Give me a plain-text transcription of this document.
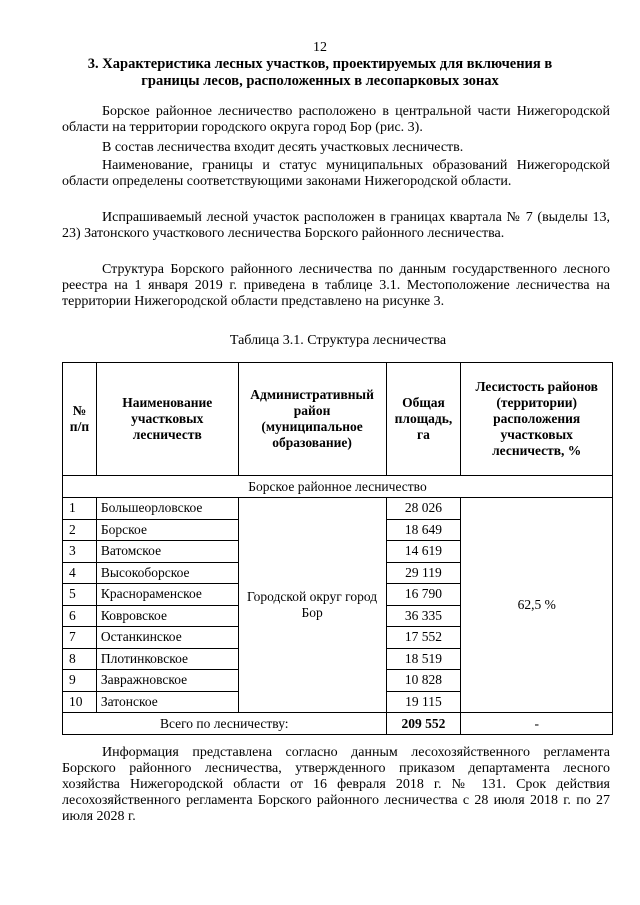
12
3. Характеристика лесных участков, проектируемых для включения в границы лесов, расположенных в лесопарковых зонах

Борское районное лесничество расположено в центральной части Нижегородской области на территории городского округа город Бор (рис. 3).

В состав лесничества входит десять участковых лесничеств.

Наименование, границы и статус муниципальных образований Нижегородской области определены соответствующими законами Нижегородской области.

Испрашиваемый лесной участок расположен в границах квартала № 7 (выделы 13, 23) Затонского участкового лесничества Борского районного лесничества.

Структура Борского районного лесничества по данным государственного лесного реестра на 1 января 2019 г. приведена в таблице 3.1. Местоположение лесничества на территории Нижегородской области представлено на рисунке 3.

Таблица 3.1. Структура лесничества
№ п/п	Наименование участковых лесничеств	Административный район (муниципальное образование)	Общая площадь, га	Лесистость районов (территории) расположения участковых лесничеств, %
Борское районное лесничество				
1	Большеорловское	Городской округ город Бор	28 026	62,5 %
2	Борское		18 649	
3	Ватомское		14 619	
4	Высокоборское		29 119	
5	Краснораменское		16 790	
6	Ковровское		36 335	
7	Останкинское		17 552	
8	Плотинковское		18 519	
9	Завражновское		10 828	
10	Затонское		19 115	
Всего по лесничеству:			209 552	-

Информация представлена согласно данным лесохозяйственного регламента Борского районного лесничества, утвержденного приказом департамента лесного хозяйства Нижегородской области от 16 февраля 2018 г. № 131. Срок действия лесохозяйственного регламента Борского районного лесничества с 28 июля 2018 г. по 27 июля 2028 г.
